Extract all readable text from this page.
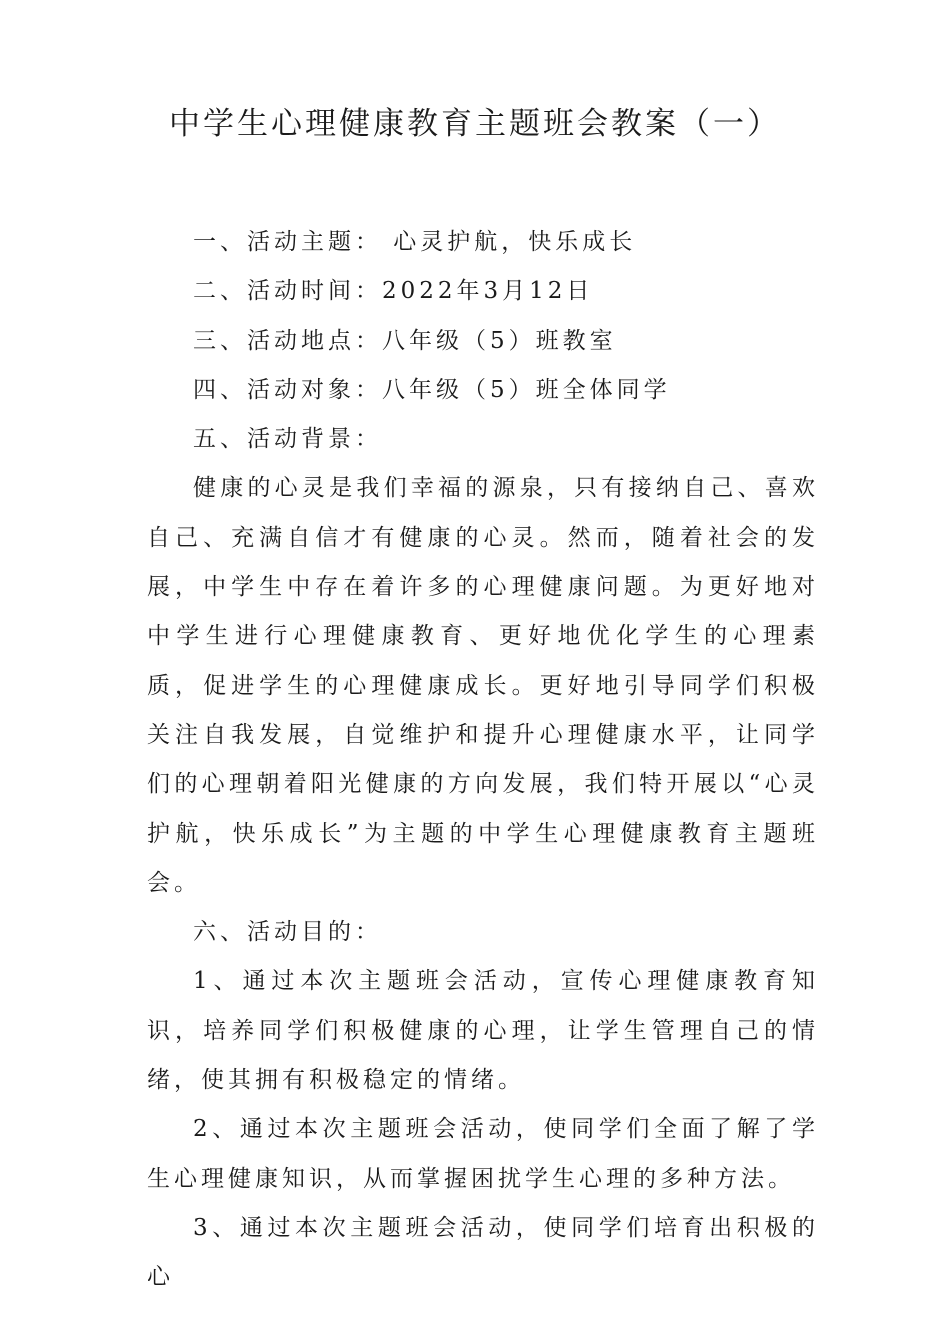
中学生心理健康教育主题班会教案（一）

一、活动主题： 心灵护航，快乐成长

二、活动时间：2022年3月12日

三、活动地点：八年级（5）班教室

四、活动对象：八年级（5）班全体同学

五、活动背景：

健康的心灵是我们幸福的源泉，只有接纳自己、喜欢自己、充满自信才有健康的心灵。然而，随着社会的发展，中学生中存在着许多的心理健康问题。为更好地对中学生进行心理健康教育、更好地优化学生的心理素质，促进学生的心理健康成长。更好地引导同学们积极关注自我发展，自觉维护和提升心理健康水平，让同学们的心理朝着阳光健康的方向发展，我们特开展以“心灵护航，快乐成长”为主题的中学生心理健康教育主题班会。

六、活动目的：

1、通过本次主题班会活动，宣传心理健康教育知识，培养同学们积极健康的心理，让学生管理自己的情绪，使其拥有积极稳定的情绪。

2、通过本次主题班会活动，使同学们全面了解了学生心理健康知识，从而掌握困扰学生心理的多种方法。

3、通过本次主题班会活动，使同学们培育出积极的心
